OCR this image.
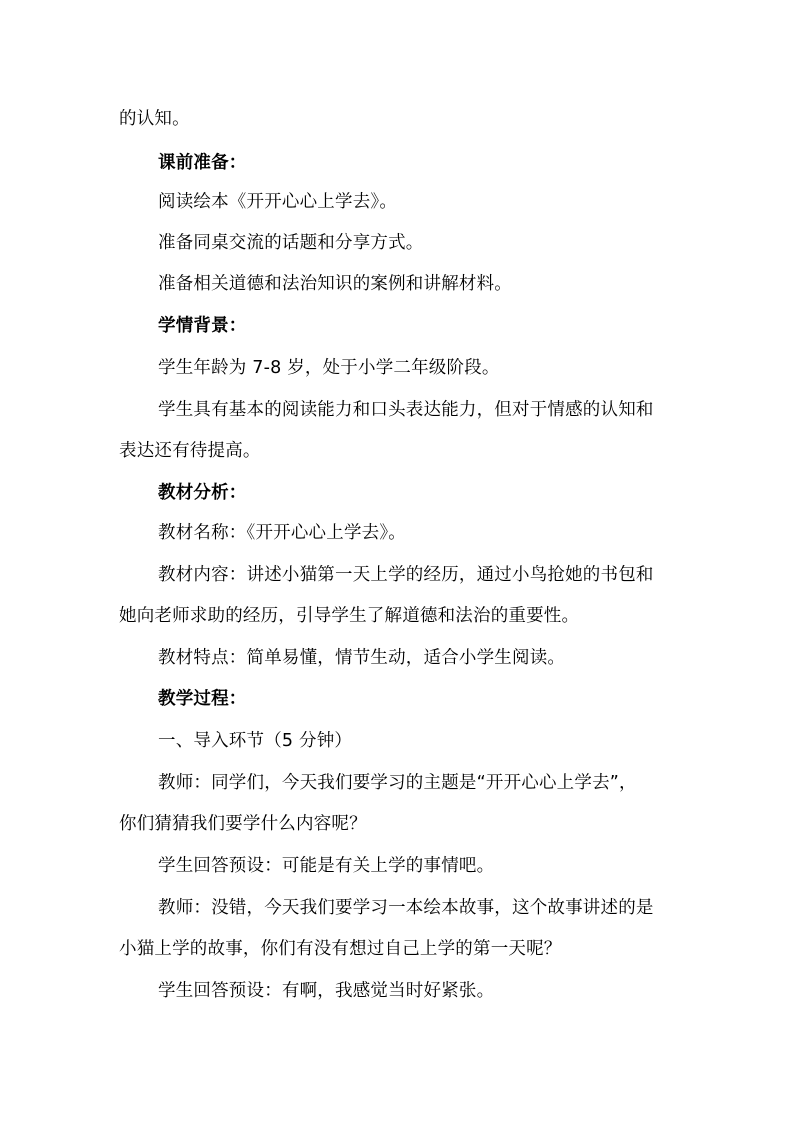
的认知。
课前准备：
阅读绘本《开开心心上学去》。
准备同桌交流的话题和分享方式。
准备相关道德和法治知识的案例和讲解材料。
学情背景：
学生年龄为 7-8 岁，处于小学二年级阶段。
学生具有基本的阅读能力和口头表达能力，但对于情感的认知和
表达还有待提高。
教材分析：
教材名称：《开开心心上学去》。
教材内容：讲述小猫第一天上学的经历，通过小鸟抢她的书包和
她向老师求助的经历，引导学生了解道德和法治的重要性。
教材特点：简单易懂，情节生动，适合小学生阅读。
教学过程：
一、导入环节（5 分钟）
教师：同学们，今天我们要学习的主题是“开开心心上学去”，
你们猜猜我们要学什么内容呢？
学生回答预设：可能是有关上学的事情吧。
教师：没错，今天我们要学习一本绘本故事，这个故事讲述的是
小猫上学的故事，你们有没有想过自己上学的第一天呢？
学生回答预设：有啊，我感觉当时好紧张。
